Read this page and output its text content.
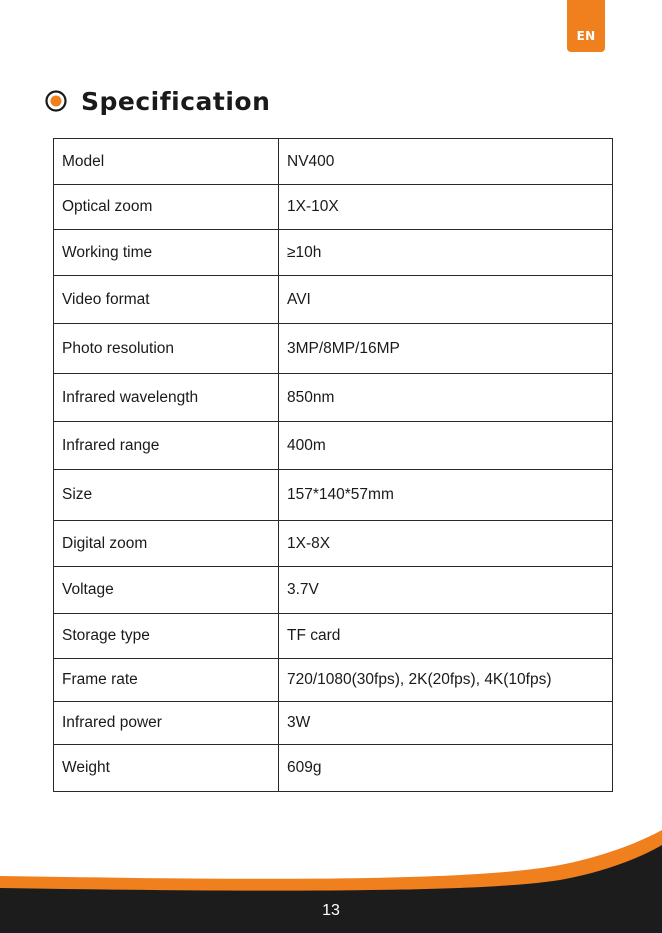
EN
Specification
Model	NV400
Optical zoom	1X-10X
Working time	≥10h
Video format	AVI
Photo resolution	3MP/8MP/16MP
Infrared wavelength	850nm
Infrared range	400m
Size	157*140*57mm
Digital zoom	1X-8X
Voltage	3.7V
Storage type	TF card
Frame rate	720/1080(30fps), 2K(20fps), 4K(10fps)
Infrared power	3W
Weight	609g
13
